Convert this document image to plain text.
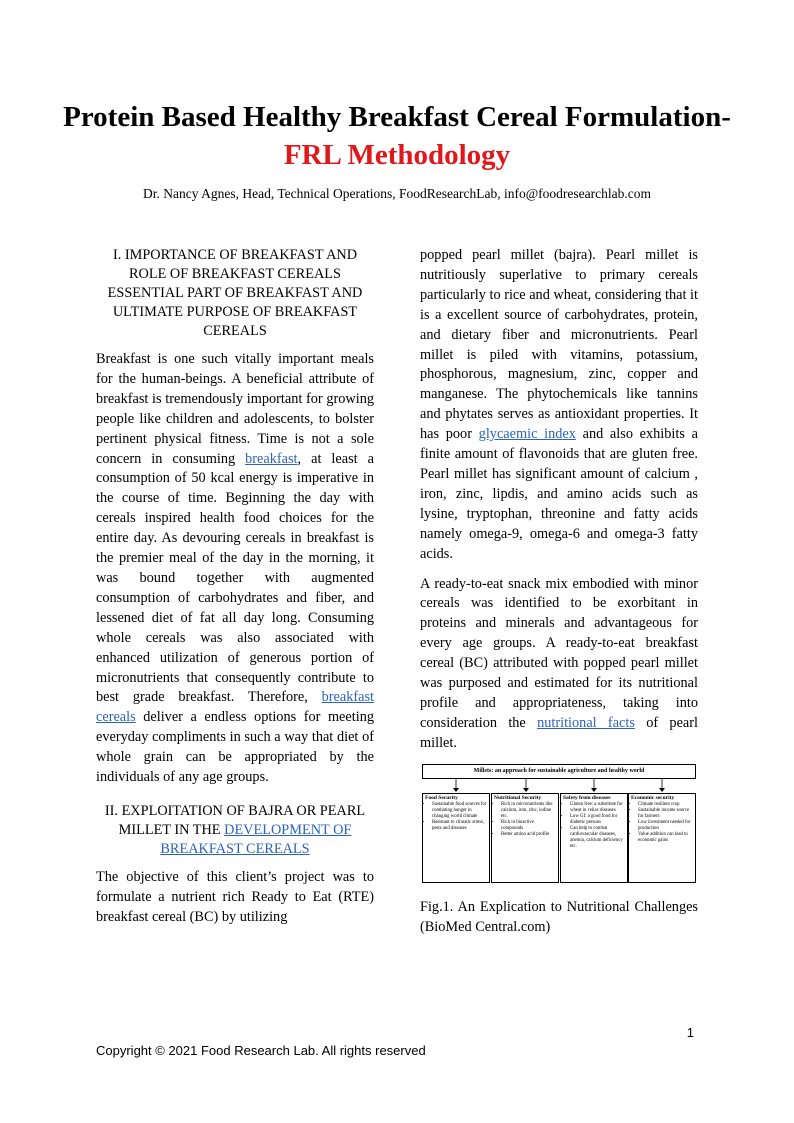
Protein Based Healthy Breakfast Cereal Formulation- FRL Methodology
Dr. Nancy Agnes, Head, Technical Operations, FoodResearchLab, info@foodresearchlab.com
I. IMPORTANCE OF BREAKFAST AND ROLE OF BREAKFAST CEREALS ESSENTIAL PART OF BREAKFAST AND ULTIMATE PURPOSE OF BREAKFAST CEREALS

Breakfast is one such vitally important meals for the human-beings. A beneficial attribute of breakfast is tremendously important for growing people like children and adolescents, to bolster pertinent physical fitness. Time is not a sole concern in consuming breakfast, at least a consumption of 50 kcal energy is imperative in the course of time. Beginning the day with cereals inspired health food choices for the entire day. As devouring cereals in breakfast is the premier meal of the day in the morning, it was bound together with augmented consumption of carbohydrates and fiber, and lessened diet of fat all day long. Consuming whole cereals was also associated with enhanced utilization of generous portion of micronutrients that consequently contribute to best grade breakfast. Therefore, breakfast cereals deliver a endless options for meeting everyday compliments in such a way that diet of whole grain can be appropriated by the individuals of any age groups.

II. EXPLOITATION OF BAJRA OR PEARL MILLET IN THE DEVELOPMENT OF BREAKFAST CEREALS

The objective of this client’s project was to formulate a nutrient rich Ready to Eat (RTE) breakfast cereal (BC) by utilizing

popped pearl millet (bajra). Pearl millet is nutritiously superlative to primary cereals particularly to rice and wheat, considering that it is a excellent source of carbohydrates, protein, and dietary fiber and micronutrients. Pearl millet is piled with vitamins, potassium, phosphorous, magnesium, zinc, copper and manganese. The phytochemicals like tannins and phytates serves as antioxidant properties. It has poor glycaemic index and also exhibits a finite amount of flavonoids that are gluten free. Pearl millet has significant amount of calcium , iron, zinc, lipdis, and amino acids such as lysine, tryptophan, threonine and fatty acids namely omega-9, omega-6 and omega-3 fatty acids.

A ready-to-eat snack mix embodied with minor cereals was identified to be exorbitant in proteins and minerals and advantageous for every age groups. A ready-to-eat breakfast cereal (BC) attributed with popped pearl millet was purposed and estimated for its nutritional profile and appropriateness, taking into consideration the nutritional facts of pearl millet.

Millets: an approach for sustainable agriculture and healthy world
Food Security
• Sustainable food sources for combating hunger in changing world climate
• Resistant to climatic stress, pests and diseases
Nutritional Security
• Rich in micronutrients like calcium, iron, zinc, iodine etc.
• Rich in bioactive compounds
• Better amino acid profile
Safety from diseases
• Gluten free: a substitute for wheat in celiac diseases
• Low GI: a good food for diabetic persons
• Can help to combat cardiovascular diseases, anemia, calcium deficiency etc.
Economic security
• Climate resilient crop
• Sustainable income source for farmers
• Low investment needed for production
• Value addition can lead to economic gains
Fig.1. An Explication to Nutritional Challenges (BioMed Central.com)
1
Copyright © 2021 Food Research Lab. All rights reserved
